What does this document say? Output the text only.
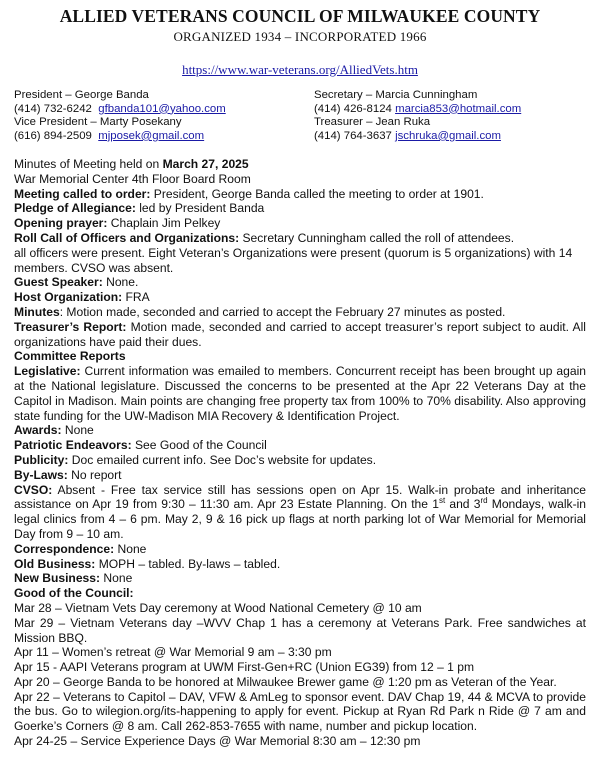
ALLIED VETERANS COUNCIL OF MILWAUKEE COUNTY
ORGANIZED 1934 – INCORPORATED 1966
https://www.war-veterans.org/AlliedVets.htm
President – George Banda
(414) 732-6242 gfbanda101@yahoo.com
Vice President – Marty Posekany
(616) 894-2509 mjposek@gmail.com
Secretary – Marcia Cunningham
(414) 426-8124 marcia853@hotmail.com
Treasurer – Jean Ruka
(414) 764-3637 jschruka@gmail.com

Minutes of Meeting held on March 27, 2025

War Memorial Center 4th Floor Board Room

Meeting called to order: President, George Banda called the meeting to order at 1901.

Pledge of Allegiance: led by President Banda

Opening prayer: Chaplain Jim Pelkey

Roll Call of Officers and Organizations: Secretary Cunningham called the roll of attendees.

all officers were present. Eight Veteran’s Organizations were present (quorum is 5 organizations) with 14 members. CVSO was absent.

Guest Speaker: None.

Host Organization: FRA

Minutes: Motion made, seconded and carried to accept the February 27 minutes as posted.

Treasurer’s Report: Motion made, seconded and carried to accept treasurer’s report subject to audit. All organizations have paid their dues.

Committee Reports

Legislative: Current information was emailed to members. Concurrent receipt has been brought up again at the National legislature. Discussed the concerns to be presented at the Apr 22 Veterans Day at the Capitol in Madison. Main points are changing free property tax from 100% to 70% disability. Also approving state funding for the UW-Madison MIA Recovery & Identification Project.

Awards: None

Patriotic Endeavors: See Good of the Council

Publicity: Doc emailed current info. See Doc’s website for updates.

By-Laws: No report

CVSO: Absent - Free tax service still has sessions open on Apr 15. Walk-in probate and inheritance assistance on Apr 19 from 9:30 – 11:30 am. Apr 23 Estate Planning. On the 1st and 3rd Mondays, walk-in legal clinics from 4 – 6 pm. May 2, 9 & 16 pick up flags at north parking lot of War Memorial for Memorial Day from 9 – 10 am.

Correspondence: None

Old Business: MOPH – tabled. By-laws – tabled.

New Business: None

Good of the Council:

Mar 28 – Vietnam Vets Day ceremony at Wood National Cemetery @ 10 am

Mar 29 – Vietnam Veterans day –WVV Chap 1 has a ceremony at Veterans Park. Free sandwiches at Mission BBQ.

Apr 11 – Women’s retreat @ War Memorial 9 am – 3:30 pm

Apr 15 - AAPI Veterans program at UWM First-Gen+RC (Union EG39) from 12 – 1 pm

Apr 20 – George Banda to be honored at Milwaukee Brewer game @ 1:20 pm as Veteran of the Year.

Apr 22 – Veterans to Capitol – DAV, VFW & AmLeg to sponsor event. DAV Chap 19, 44 & MCVA to provide the bus. Go to wilegion.org/its-happening to apply for event. Pickup at Ryan Rd Park n Ride @ 7 am and Goerke’s Corners @ 8 am. Call 262-853-7655 with name, number and pickup location.

Apr 24-25 – Service Experience Days @ War Memorial 8:30 am – 12:30 pm
